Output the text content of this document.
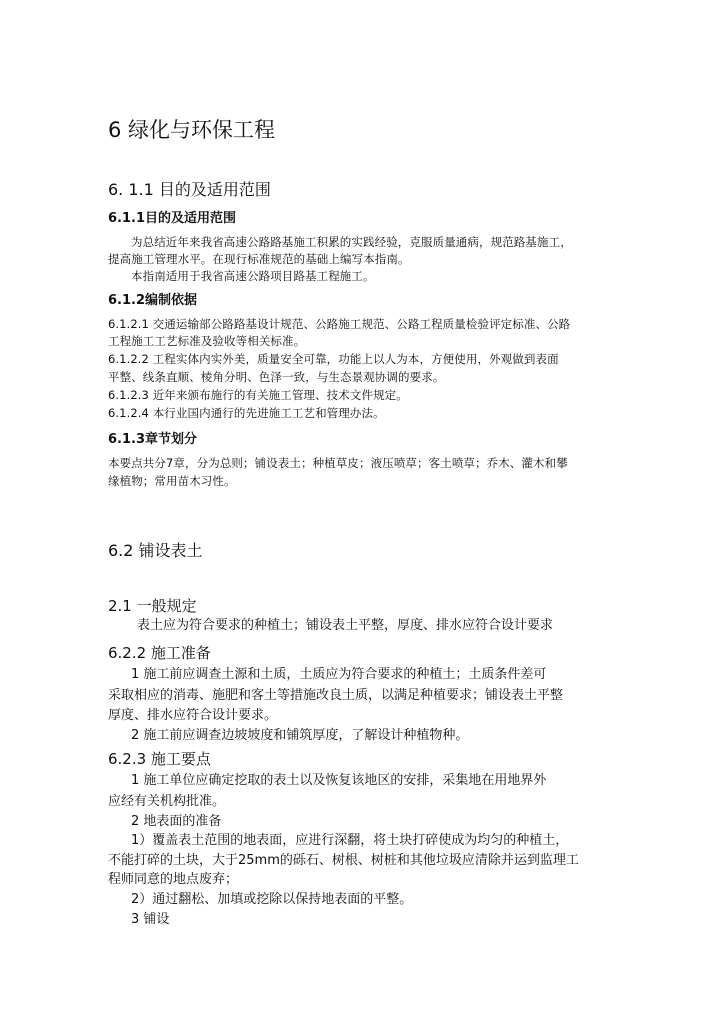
6 绿化与环保工程
6. 1.1 目的及适用范围
6.1.1目的及适用范围
为总结近年来我省高速公路路基施工积累的实践经验，克服质量通病，规范路基施工，
提高施工管理水平。在现行标准规范的基础上编写本指南。
本指南适用于我省高速公路项目路基工程施工。
6.1.2编制依据
6.1.2.1 交通运输部公路路基设计规范、公路施工规范、公路工程质量检验评定标准、公路
工程施工工艺标准及验收等相关标准。
6.1.2.2 工程实体内实外美，质量安全可靠，功能上以人为本，方便使用，外观做到表面
平整、线条直顺、棱角分明、色泽一致，与生态景观协调的要求。
6.1.2.3 近年来颁布施行的有关施工管理、技术文件规定。
6.1.2.4 本行业国内通行的先进施工工艺和管理办法。
6.1.3章节划分
本要点共分7章，分为总则；铺设表土；种植草皮；液压喷草；客土喷草；乔木、灌木和攀
缘植物；常用苗木习性。
6.2 铺设表土
2.1 一般规定
表土应为符合要求的种植土；铺设表土平整，厚度、排水应符合设计要求
6.2.2 施工准备
1 施工前应调查土源和土质，土质应为符合要求的种植土；土质条件差可
采取相应的消毒、施肥和客土等措施改良土质，以满足种植要求；铺设表土平整
厚度、排水应符合设计要求。
2 施工前应调查边坡坡度和铺筑厚度，了解设计种植物种。
6.2.3 施工要点
1 施工单位应确定挖取的表土以及恢复该地区的安排，采集地在用地界外
应经有关机构批准。
2 地表面的准备
1）覆盖表土范围的地表面，应进行深翻，将土块打碎使成为均匀的种植土，
不能打碎的土块，大于25mm的砾石、树根、树桩和其他垃圾应清除并运到监理工
程师同意的地点废弃；
2）通过翻松、加填或挖除以保持地表面的平整。
3 铺设
